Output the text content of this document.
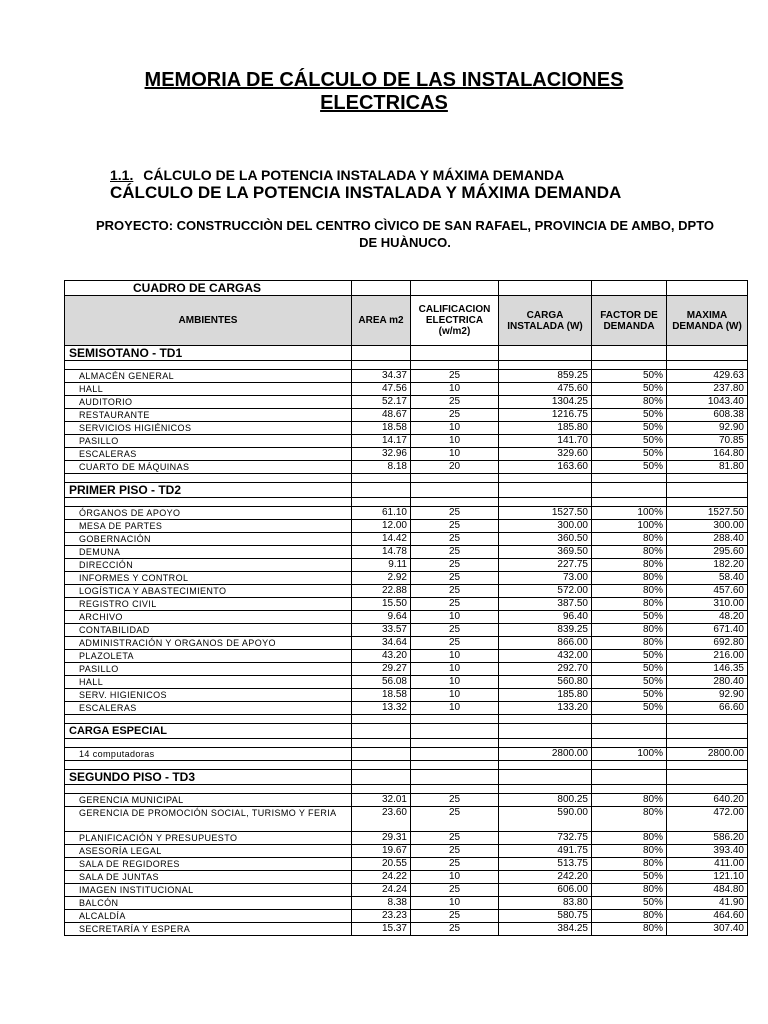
MEMORIA DE CÁLCULO DE LAS INSTALACIONES
ELECTRICAS
1.1. CÁLCULO DE LA POTENCIA INSTALADA Y MÁXIMA DEMANDA
CÁLCULO DE LA POTENCIA INSTALADA Y MÁXIMA DEMANDA
PROYECTO: CONSTRUCCIÒN DEL CENTRO CÌVICO DE SAN RAFAEL, PROVINCIA DE AMBO, DPTO
DE HUÀNUCO.
CUADRO DE CARGAS					
AMBIENTES	AREA m2	CALIFICACION ELECTRICA (w/m2)	CARGA INSTALADA (W)	FACTOR DE DEMANDA	MAXIMA DEMANDA (W)
SEMISOTANO - TD1					

ALMACÉN GENERAL	34.37	25	859.25	50%	429.63
HALL	47.56	10	475.60	50%	237.80
AUDITORIO	52.17	25	1304.25	80%	1043.40
RESTAURANTE	48.67	25	1216.75	50%	608.38
SERVICIOS HIGIÉNICOS	18.58	10	185.80	50%	92.90
PASILLO	14.17	10	141.70	50%	70.85
ESCALERAS	32.96	10	329.60	50%	164.80
CUARTO DE MÁQUINAS	8.18	20	163.60	50%	81.80

PRIMER PISO - TD2					

ÓRGANOS DE APOYO	61.10	25	1527.50	100%	1527.50
MESA DE PARTES	12.00	25	300.00	100%	300.00
GOBERNACIÓN	14.42	25	360.50	80%	288.40
DEMUNA	14.78	25	369.50	80%	295.60
DIRECCIÓN	9.11	25	227.75	80%	182.20
INFORMES Y CONTROL	2.92	25	73.00	80%	58.40
LOGÍSTICA Y ABASTECIMIENTO	22.88	25	572.00	80%	457.60
REGISTRO CIVIL	15.50	25	387.50	80%	310.00
ARCHIVO	9.64	10	96.40	50%	48.20
CONTABILIDAD	33.57	25	839.25	80%	671.40
ADMINISTRACIÓN Y ORGANOS DE APOYO	34.64	25	866.00	80%	692.80
PLAZOLETA	43.20	10	432.00	50%	216.00
PASILLO	29.27	10	292.70	50%	146.35
HALL	56.08	10	560.80	50%	280.40
SERV. HIGIENICOS	18.58	10	185.80	50%	92.90
ESCALERAS	13.32	10	133.20	50%	66.60

CARGA ESPECIAL					

14 computadoras			2800.00	100%	2800.00

SEGUNDO PISO - TD3					

GERENCIA MUNICIPAL	32.01	25	800.25	80%	640.20
GERENCIA DE PROMOCIÓN SOCIAL, TURISMO Y FERIA	23.60	25	590.00	80%	472.00
PLANIFICACIÓN Y PRESUPUESTO	29.31	25	732.75	80%	586.20
ASESORÍA LEGAL	19.67	25	491.75	80%	393.40
SALA DE REGIDORES	20.55	25	513.75	80%	411.00
SALA DE JUNTAS	24.22	10	242.20	50%	121.10
IMAGEN INSTITUCIONAL	24.24	25	606.00	80%	484.80
BALCÓN	8.38	10	83.80	50%	41.90
ALCALDÍA	23.23	25	580.75	80%	464.60
SECRETARÍA Y ESPERA	15.37	25	384.25	80%	307.40
